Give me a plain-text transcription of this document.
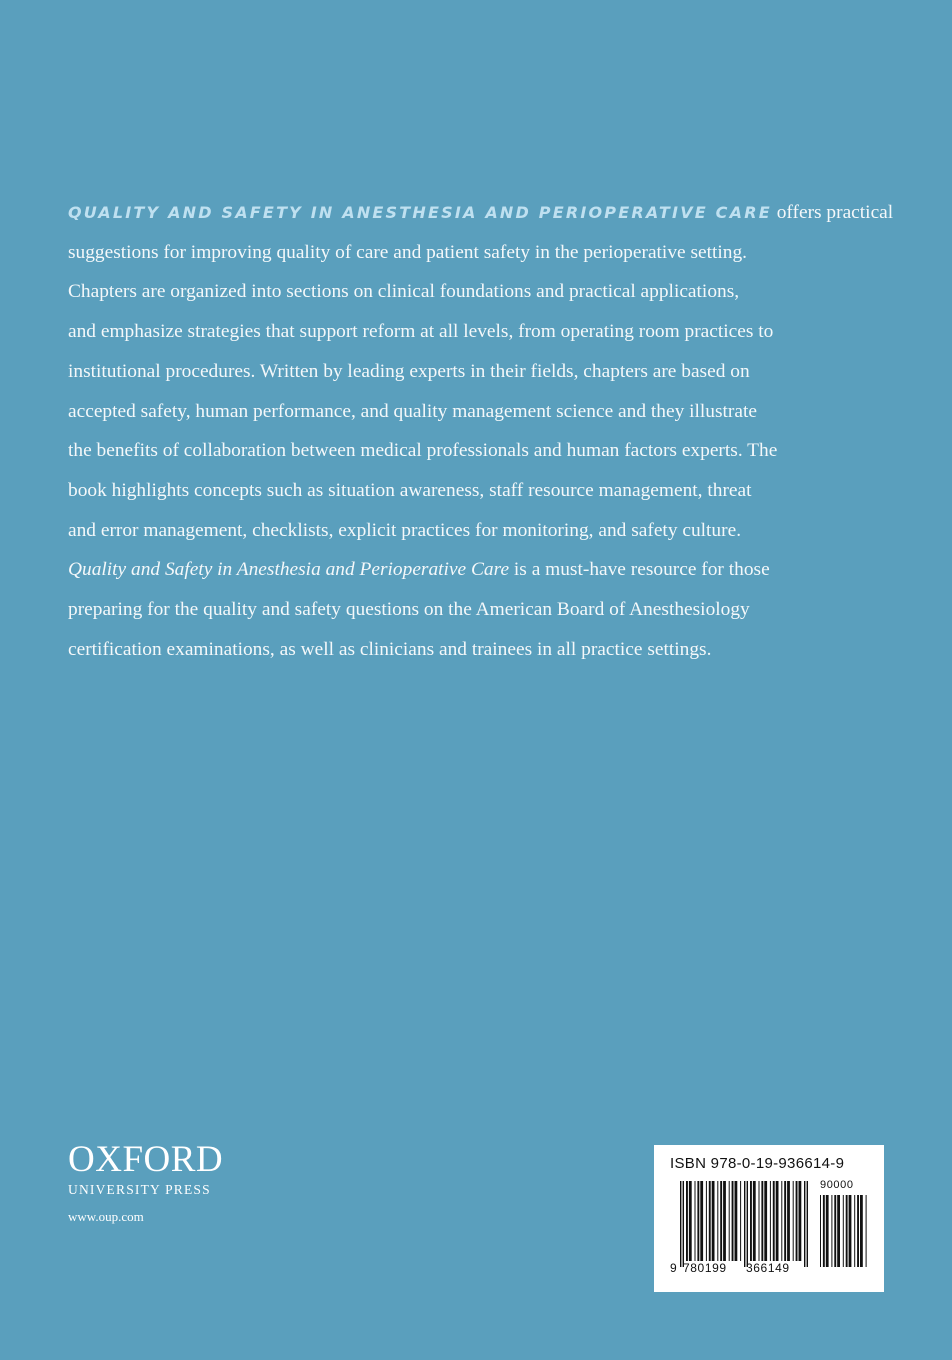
QUALITY AND SAFETY IN ANESTHESIA AND PERIOPERATIVE CARE offers practical
suggestions for improving quality of care and patient safety in the perioperative setting.
Chapters are organized into sections on clinical foundations and practical applications,
and emphasize strategies that support reform at all levels, from operating room practices to
institutional procedures. Written by leading experts in their fields, chapters are based on
accepted safety, human performance, and quality management science and they illustrate
the benefits of collaboration between medical professionals and human factors experts. The
book highlights concepts such as situation awareness, staff resource management, threat
and error management, checklists, explicit practices for monitoring, and safety culture.
Quality and Safety in Anesthesia and Perioperative Care is a must-have resource for those
preparing for the quality and safety questions on the American Board of Anesthesiology
certification examinations, as well as clinicians and trainees in all practice settings.
OXFORD
UNIVERSITY PRESS
www.oup.com
ISBN 978-0-19-936614-9
9 780199 366149
90000
